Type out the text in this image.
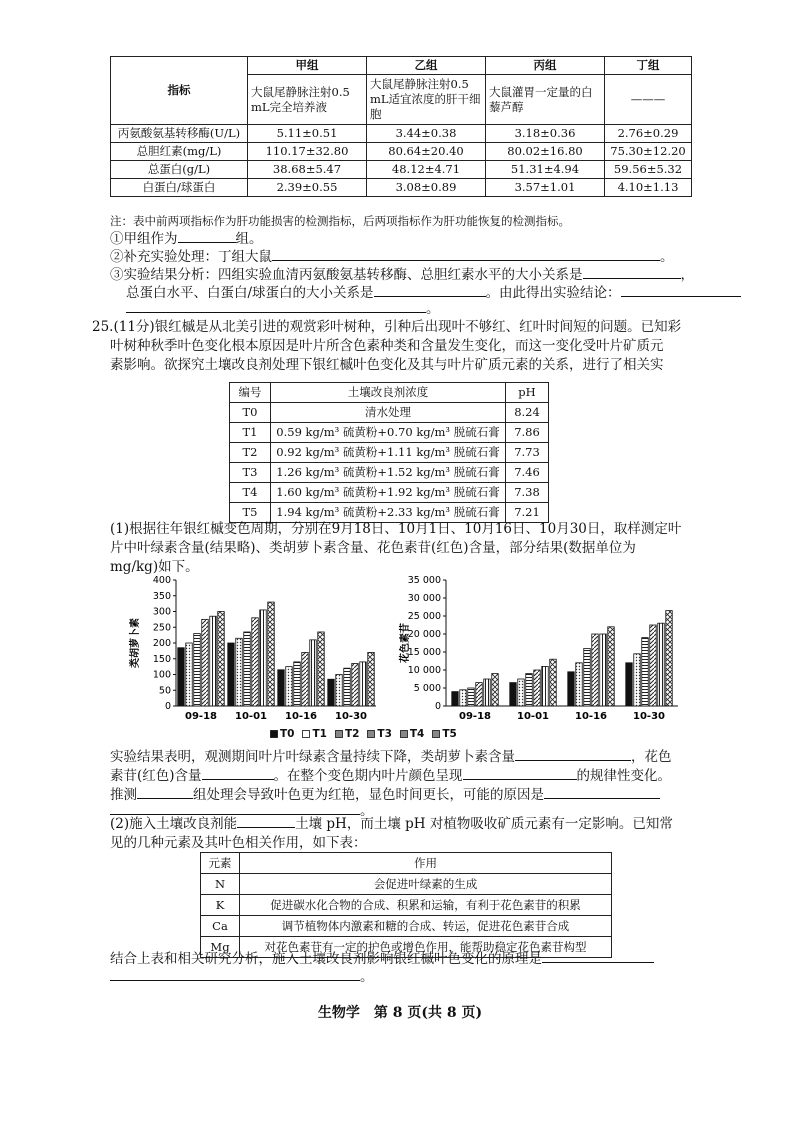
指标	甲组	乙组	丙组	丁组
	大鼠尾静脉注射0.5 mL完全培养液	大鼠尾静脉注射0.5 mL适宜浓度的肝干细胞	大鼠灌胃一定量的白藜芦醇	———
丙氨酸氨基转移酶(U/L)	5.11±0.51	3.44±0.38	3.18±0.36	2.76±0.29
总胆红素(mg/L)	110.17±32.80	80.64±20.40	80.02±16.80	75.30±12.20
总蛋白(g/L)	38.68±5.47	48.12±4.71	51.31±4.94	59.56±5.32
白蛋白/球蛋白	2.39±0.55	3.08±0.89	3.57±1.01	4.10±1.13
注：表中前两项指标作为肝功能损害的检测指标，后两项指标作为肝功能恢复的检测指标。
①甲组作为	组。
②补充实验处理：丁组大鼠	。
③实验结果分析：四组实验血清丙氨酸氨基转移酶、总胆红素水平的大小关系是	，
总蛋白水平、白蛋白/球蛋白的大小关系是	。由此得出实验结论：
。
25.(11分)银红槭是从北美引进的观赏彩叶树种，引种后出现叶不够红、红叶时间短的问题。已知彩
叶树种秋季叶色变化根本原因是叶片所含色素种类和含量发生变化，而这一变化受叶片矿质元
素影响。欲探究土壤改良剂处理下银红槭叶色变化及其与叶片矿质元素的关系，进行了相关实
编号	土壤改良剂浓度	pH
T0	清水处理	8.24
T1	0.59 kg/m³ 硫黄粉+0.70 kg/m³ 脱硫石膏	7.86
T2	0.92 kg/m³ 硫黄粉+1.11 kg/m³ 脱硫石膏	7.73
T3	1.26 kg/m³ 硫黄粉+1.52 kg/m³ 脱硫石膏	7.46
T4	1.60 kg/m³ 硫黄粉+1.92 kg/m³ 脱硫石膏	7.38
T5	1.94 kg/m³ 硫黄粉+2.33 kg/m³ 脱硫石膏	7.21
(1)根据往年银红槭变色周期，分别在9月18日、10月1日、10月16日、10月30日，取样测定叶
片中叶绿素含量(结果略)、类胡萝卜素含量、花色素苷(红色)含量，部分结果(数据单位为
mg/kg)如下。
0
50
100
150
200
250
300
350
400
类胡萝卜素
09-18 10-01 10-16 10-30
0
5 000
10 000
15 000
20 000
25 000
30 000
35 000
花色素苷
09-18	10-01	10-16	10-30
T0 T1 T2 T3 T4 T5
实验结果表明，观测期间叶片叶绿素含量持续下降，类胡萝卜素含量	，花色
素苷(红色)含量	。在整个变色期内叶片颜色呈现	的规律性变化。
推测	组处理会导致叶色更为红艳，显色时间更长，可能的原因是
。
(2)施入土壤改良剂能	土壤 pH，而土壤 pH 对植物吸收矿质元素有一定影响。已知常
见的几种元素及其叶色相关作用，如下表：
元素	作用
N	会促进叶绿素的生成
K	促进碳水化合物的合成、积累和运输，有利于花色素苷的积累
Ca	调节植物体内激素和糖的合成、转运，促进花色素苷合成
Mg	对花色素苷有一定的护色或增色作用，能帮助稳定花色素苷构型
结合上表和相关研究分析，施入土壤改良剂影响银红槭叶色变化的原理是
。
生物学　第 8 页(共 8 页)
